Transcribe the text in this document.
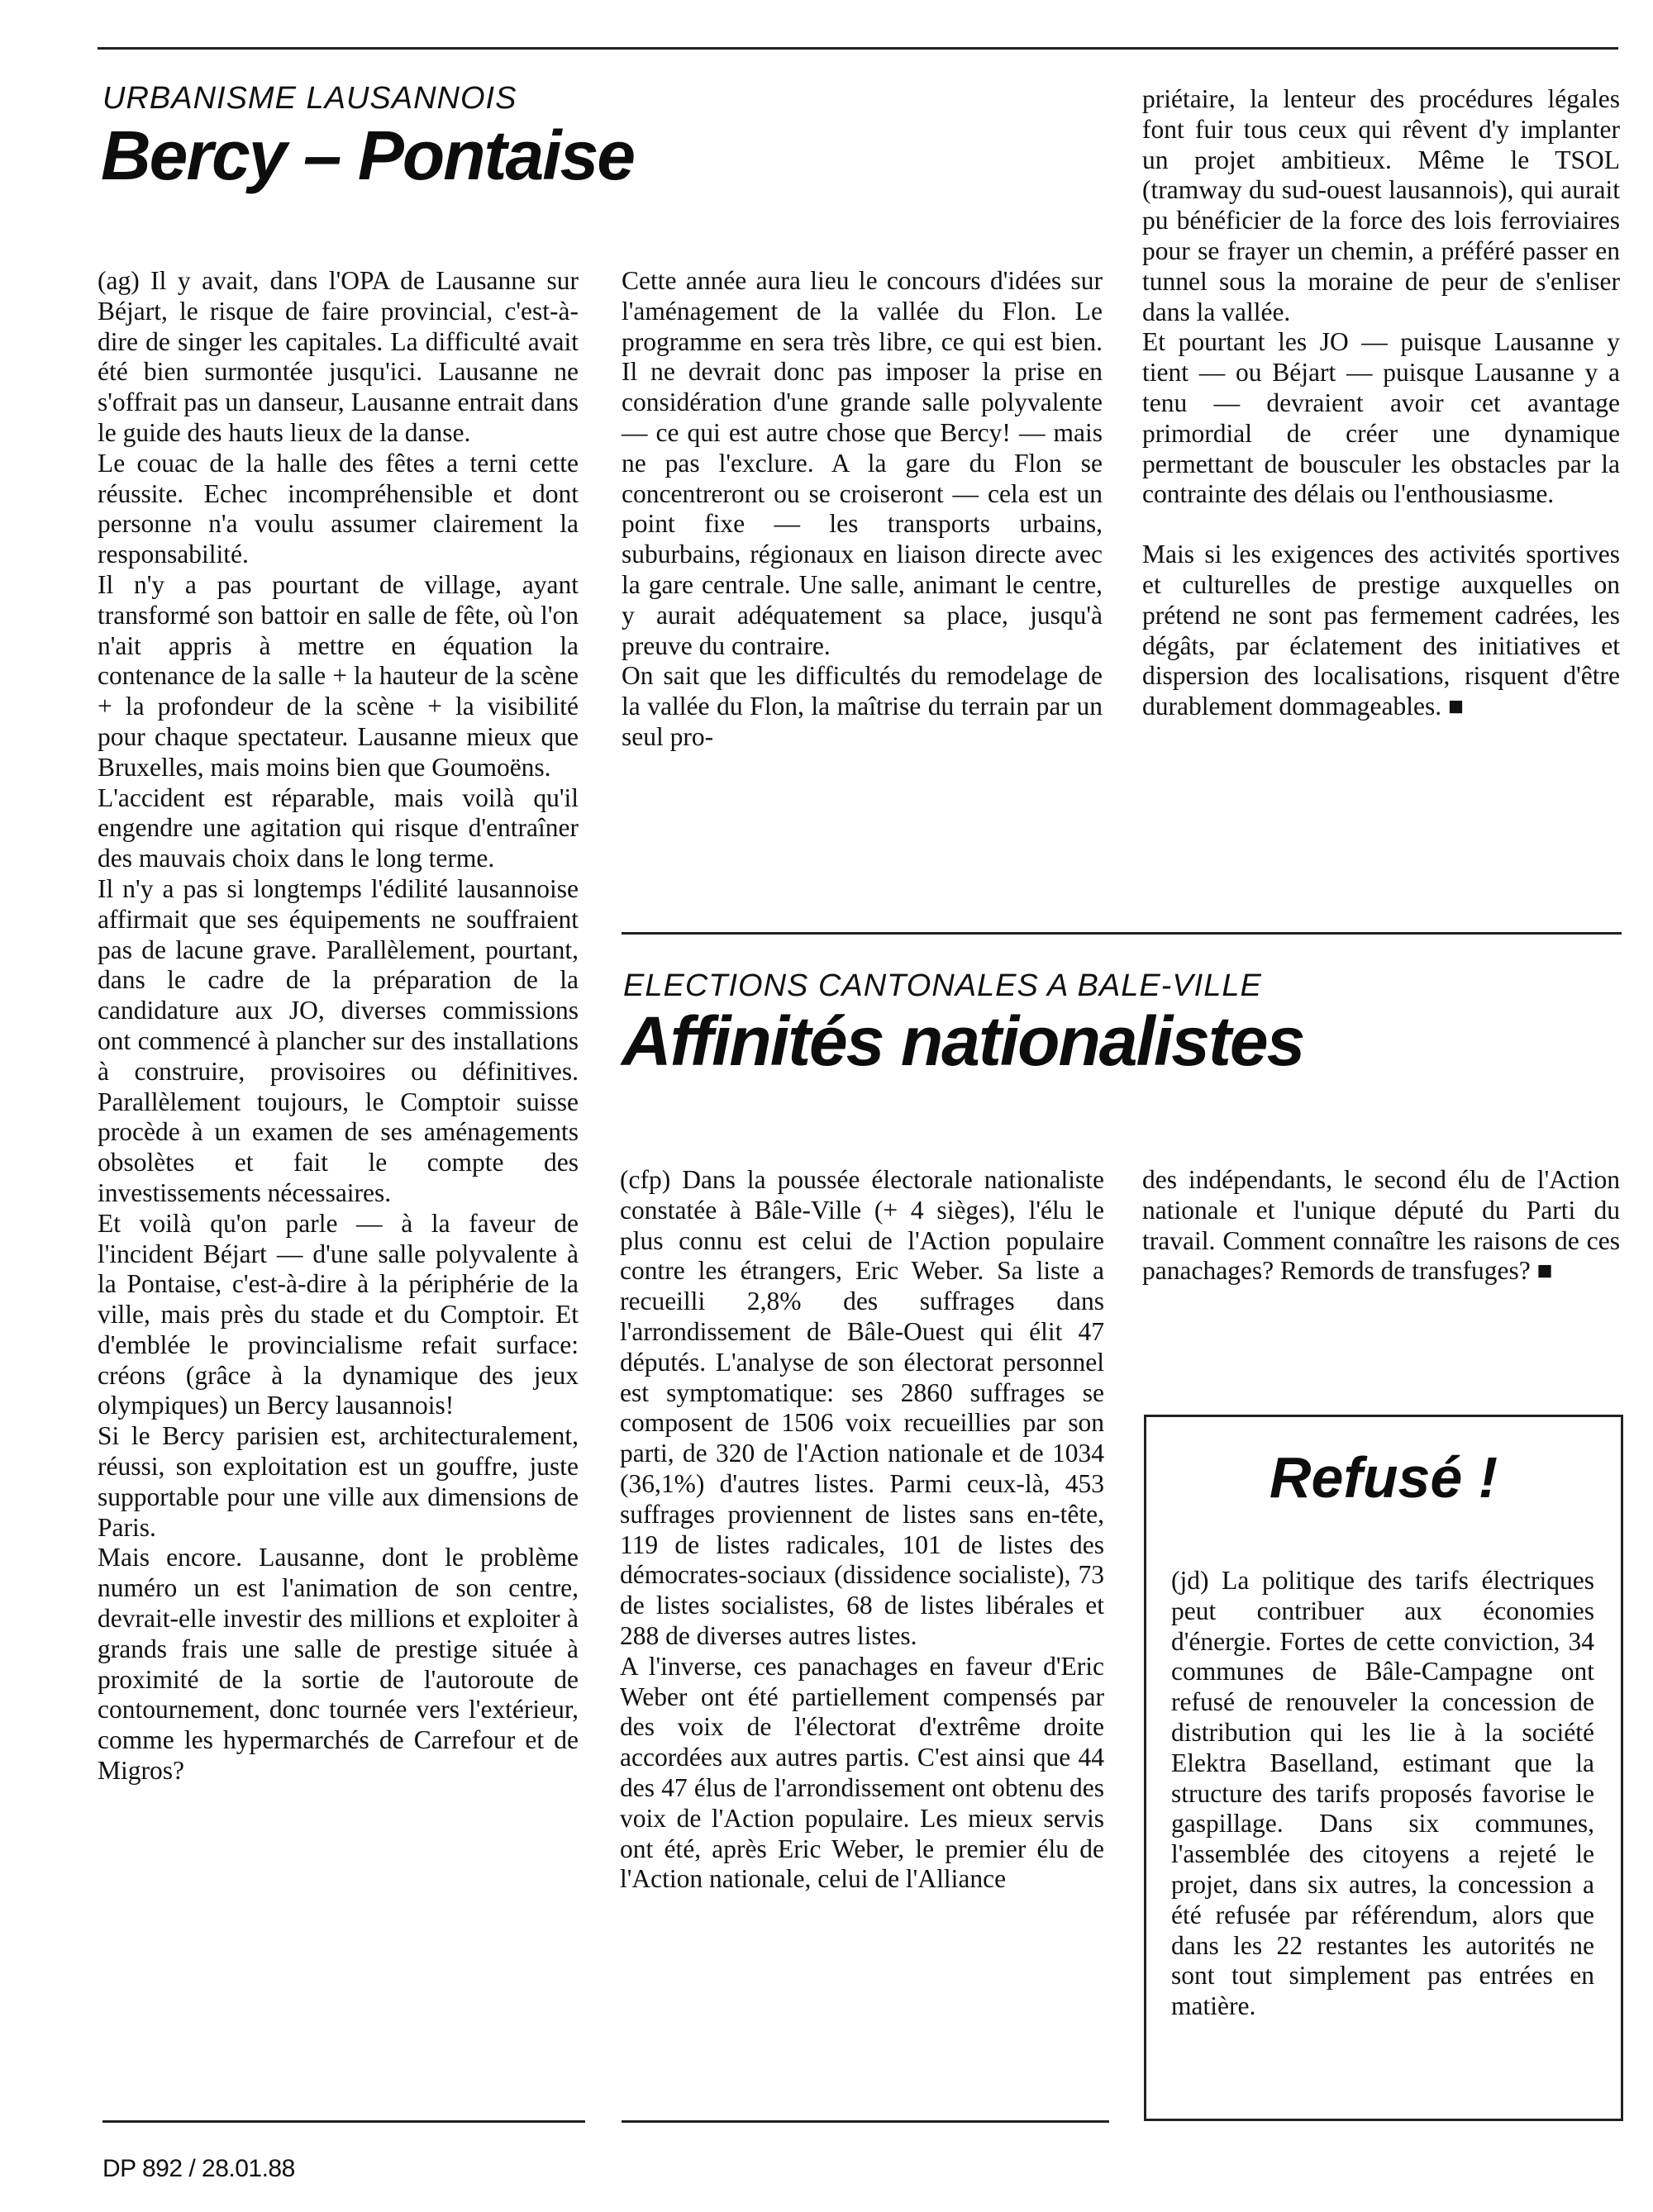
URBANISME LAUSANNOIS
Bercy – Pontaise

(ag) Il y avait, dans l'OPA de Lausanne sur Béjart, le risque de faire provincial, c'est-à-dire de singer les capitales. La difficulté avait été bien surmontée jusqu'ici. Lausanne ne s'offrait pas un danseur, Lausanne entrait dans le guide des hauts lieux de la danse.

Le couac de la halle des fêtes a terni cette réussite. Echec incompréhensible et dont personne n'a voulu assumer clairement la responsabilité.

Il n'y a pas pourtant de village, ayant transformé son battoir en salle de fête, où l'on n'ait appris à mettre en équation la contenance de la salle + la hauteur de la scène + la profondeur de la scène + la visibilité pour chaque spectateur. Lausanne mieux que Bruxelles, mais moins bien que Goumoëns.

L'accident est réparable, mais voilà qu'il engendre une agitation qui risque d'entraîner des mauvais choix dans le long terme.

Il n'y a pas si longtemps l'édilité lausannoise affirmait que ses équipements ne souffraient pas de lacune grave. Parallèlement, pourtant, dans le cadre de la préparation de la candidature aux JO, diverses commissions ont commencé à plancher sur des installations à construire, provisoires ou définitives. Parallèlement toujours, le Comptoir suisse procède à un examen de ses aménagements obsolètes et fait le compte des investissements nécessaires.

Et voilà qu'on parle — à la faveur de l'incident Béjart — d'une salle polyvalente à la Pontaise, c'est-à-dire à la périphérie de la ville, mais près du stade et du Comptoir. Et d'emblée le provincialisme refait surface: créons (grâce à la dynamique des jeux olympiques) un Bercy lausannois!

Si le Bercy parisien est, architecturalement, réussi, son exploitation est un gouffre, juste supportable pour une ville aux dimensions de Paris.

Mais encore. Lausanne, dont le problème numéro un est l'animation de son centre, devrait-elle investir des millions et exploiter à grands frais une salle de prestige située à proximité de la sortie de l'autoroute de contournement, donc tournée vers l'extérieur, comme les hypermarchés de Carrefour et de Migros?

Cette année aura lieu le concours d'idées sur l'aménagement de la vallée du Flon. Le programme en sera très libre, ce qui est bien. Il ne devrait donc pas imposer la prise en considération d'une grande salle polyvalente — ce qui est autre chose que Bercy! — mais ne pas l'exclure. A la gare du Flon se concentreront ou se croiseront — cela est un point fixe — les transports urbains, suburbains, régionaux en liaison directe avec la gare centrale. Une salle, animant le centre, y aurait adéquatement sa place, jusqu'à preuve du contraire.

On sait que les difficultés du remodelage de la vallée du Flon, la maîtrise du terrain par un seul pro-

priétaire, la lenteur des procédures légales font fuir tous ceux qui rêvent d'y implanter un projet ambitieux. Même le TSOL (tramway du sud-ouest lausannois), qui aurait pu bénéficier de la force des lois ferroviaires pour se frayer un chemin, a préféré passer en tunnel sous la moraine de peur de s'enliser dans la vallée.

Et pourtant les JO — puisque Lausanne y tient — ou Béjart — puisque Lausanne y a tenu — devraient avoir cet avantage primordial de créer une dynamique permettant de bousculer les obstacles par la contrainte des délais ou l'enthousiasme.

Mais si les exigences des activités sportives et culturelles de prestige auxquelles on prétend ne sont pas fermement cadrées, les dégâts, par éclatement des initiatives et dispersion des localisations, risquent d'être durablement dommageables. ■

ELECTIONS CANTONALES A BALE-VILLE
Affinités nationalistes

(cfp) Dans la poussée électorale nationaliste constatée à Bâle-Ville (+ 4 sièges), l'élu le plus connu est celui de l'Action populaire contre les étrangers, Eric Weber. Sa liste a recueilli 2,8% des suffrages dans l'arrondissement de Bâle-Ouest qui élit 47 députés. L'analyse de son électorat personnel est symptomatique: ses 2860 suffrages se composent de 1506 voix recueillies par son parti, de 320 de l'Action nationale et de 1034 (36,1%) d'autres listes. Parmi ceux-là, 453 suffrages proviennent de listes sans en-tête, 119 de listes radicales, 101 de listes des démocrates-sociaux (dissidence socialiste), 73 de listes socialistes, 68 de listes libérales et 288 de diverses autres listes.

A l'inverse, ces panachages en faveur d'Eric Weber ont été partiellement compensés par des voix de l'électorat d'extrême droite accordées aux autres partis. C'est ainsi que 44 des 47 élus de l'arrondissement ont obtenu des voix de l'Action populaire. Les mieux servis ont été, après Eric Weber, le premier élu de l'Action nationale, celui de l'Alliance

des indépendants, le second élu de l'Action nationale et l'unique député du Parti du travail. Comment connaître les raisons de ces panachages? Remords de transfuges? ■

Refusé !

(jd) La politique des tarifs électriques peut contribuer aux économies d'énergie. Fortes de cette conviction, 34 communes de Bâle-Campagne ont refusé de renouveler la concession de distribution qui les lie à la société Elektra Baselland, estimant que la structure des tarifs proposés favorise le gaspillage. Dans six communes, l'assemblée des citoyens a rejeté le projet, dans six autres, la concession a été refusée par référendum, alors que dans les 22 restantes les autorités ne sont tout simplement pas entrées en matière.

DP 892 / 28.01.88
